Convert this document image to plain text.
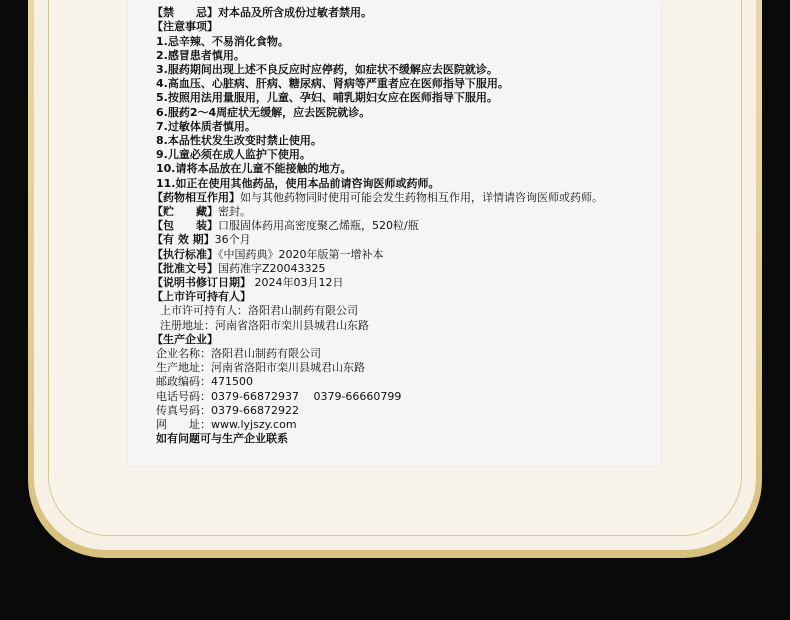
【禁　　忌】对本品及所含成份过敏者禁用。
【注意事项】
1.忌辛辣、不易消化食物。
2.感冒患者慎用。
3.服药期间出现上述不良反应时应停药，如症状不缓解应去医院就诊。
4.高血压、心脏病、肝病、糖尿病、肾病等严重者应在医师指导下服用。
5.按照用法用量服用，儿童、孕妇、哺乳期妇女应在医师指导下服用。
6.服药2～4周症状无缓解，应去医院就诊。
7.过敏体质者慎用。
8.本品性状发生改变时禁止使用。
9.儿童必须在成人监护下使用。
10.请将本品放在儿童不能接触的地方。
11.如正在使用其他药品，使用本品前请咨询医师或药师。
【药物相互作用】如与其他药物同时使用可能会发生药物相互作用，详情请咨询医师或药师。
【贮　　藏】密封。
【包　　装】口服固体药用高密度聚乙烯瓶，520粒/瓶
【有 效 期】36个月
【执行标准】《中国药典》2020年版第一增补本
【批准文号】国药准字Z20043325
【说明书修订日期】 2024年03月12日
【上市许可持有人】
上市许可持有人：洛阳君山制药有限公司
注册地址：河南省洛阳市栾川县城君山东路
【生产企业】
企业名称：洛阳君山制药有限公司
生产地址：河南省洛阳市栾川县城君山东路
邮政编码：471500
电话号码：0379-66872937　 0379-66660799
传真号码：0379-66872922
网　　址：www.lyjszy.com
如有问题可与生产企业联系
